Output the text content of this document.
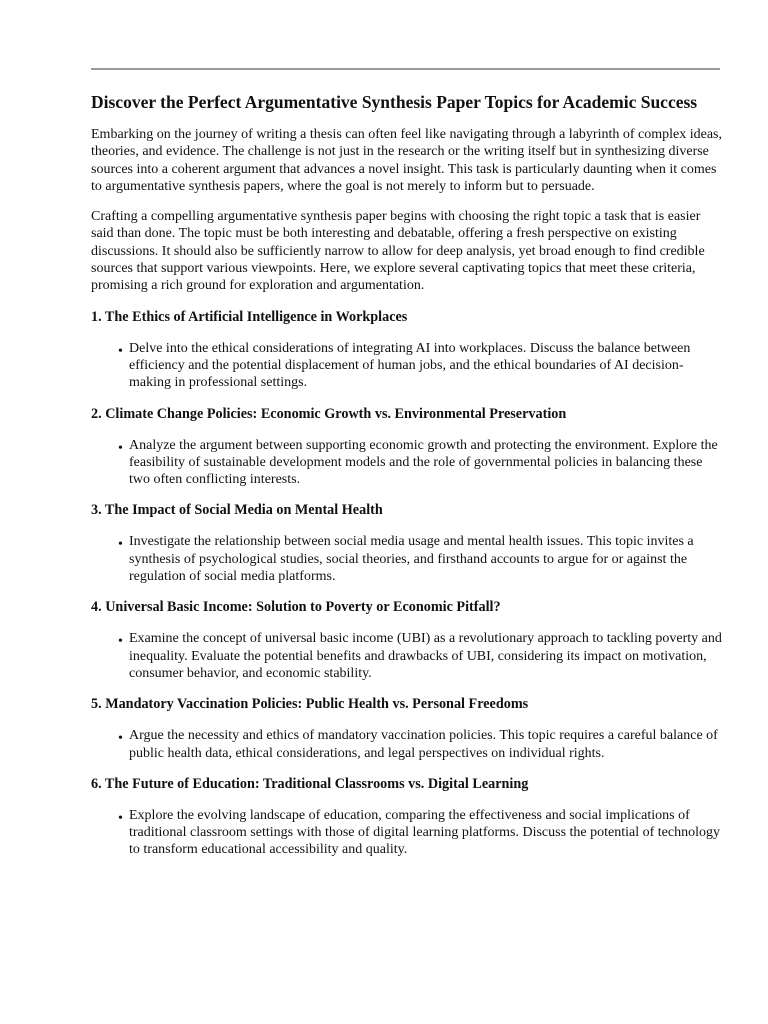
Discover the Perfect Argumentative Synthesis Paper Topics for Academic Success

Embarking on the journey of writing a thesis can often feel like navigating through a labyrinth of complex ideas, theories, and evidence. The challenge is not just in the research or the writing itself but in synthesizing diverse sources into a coherent argument that advances a novel insight. This task is particularly daunting when it comes to argumentative synthesis papers, where the goal is not merely to inform but to persuade.

Crafting a compelling argumentative synthesis paper begins with choosing the right topic a task that is easier said than done. The topic must be both interesting and debatable, offering a fresh perspective on existing discussions. It should also be sufficiently narrow to allow for deep analysis, yet broad enough to find credible sources that support various viewpoints. Here, we explore several captivating topics that meet these criteria, promising a rich ground for exploration and argumentation.

1. The Ethics of Artificial Intelligence in Workplaces
• Delve into the ethical considerations of integrating AI into workplaces. Discuss the balance between efficiency and the potential displacement of human jobs, and the ethical boundaries of AI decision-making in professional settings.
2. Climate Change Policies: Economic Growth vs. Environmental Preservation
• Analyze the argument between supporting economic growth and protecting the environment. Explore the feasibility of sustainable development models and the role of governmental policies in balancing these two often conflicting interests.
3. The Impact of Social Media on Mental Health
• Investigate the relationship between social media usage and mental health issues. This topic invites a synthesis of psychological studies, social theories, and firsthand accounts to argue for or against the regulation of social media platforms.
4. Universal Basic Income: Solution to Poverty or Economic Pitfall?
• Examine the concept of universal basic income (UBI) as a revolutionary approach to tackling poverty and inequality. Evaluate the potential benefits and drawbacks of UBI, considering its impact on motivation, consumer behavior, and economic stability.
5. Mandatory Vaccination Policies: Public Health vs. Personal Freedoms
• Argue the necessity and ethics of mandatory vaccination policies. This topic requires a careful balance of public health data, ethical considerations, and legal perspectives on individual rights.
6. The Future of Education: Traditional Classrooms vs. Digital Learning
• Explore the evolving landscape of education, comparing the effectiveness and social implications of traditional classroom settings with those of digital learning platforms. Discuss the potential of technology to transform educational accessibility and quality.
